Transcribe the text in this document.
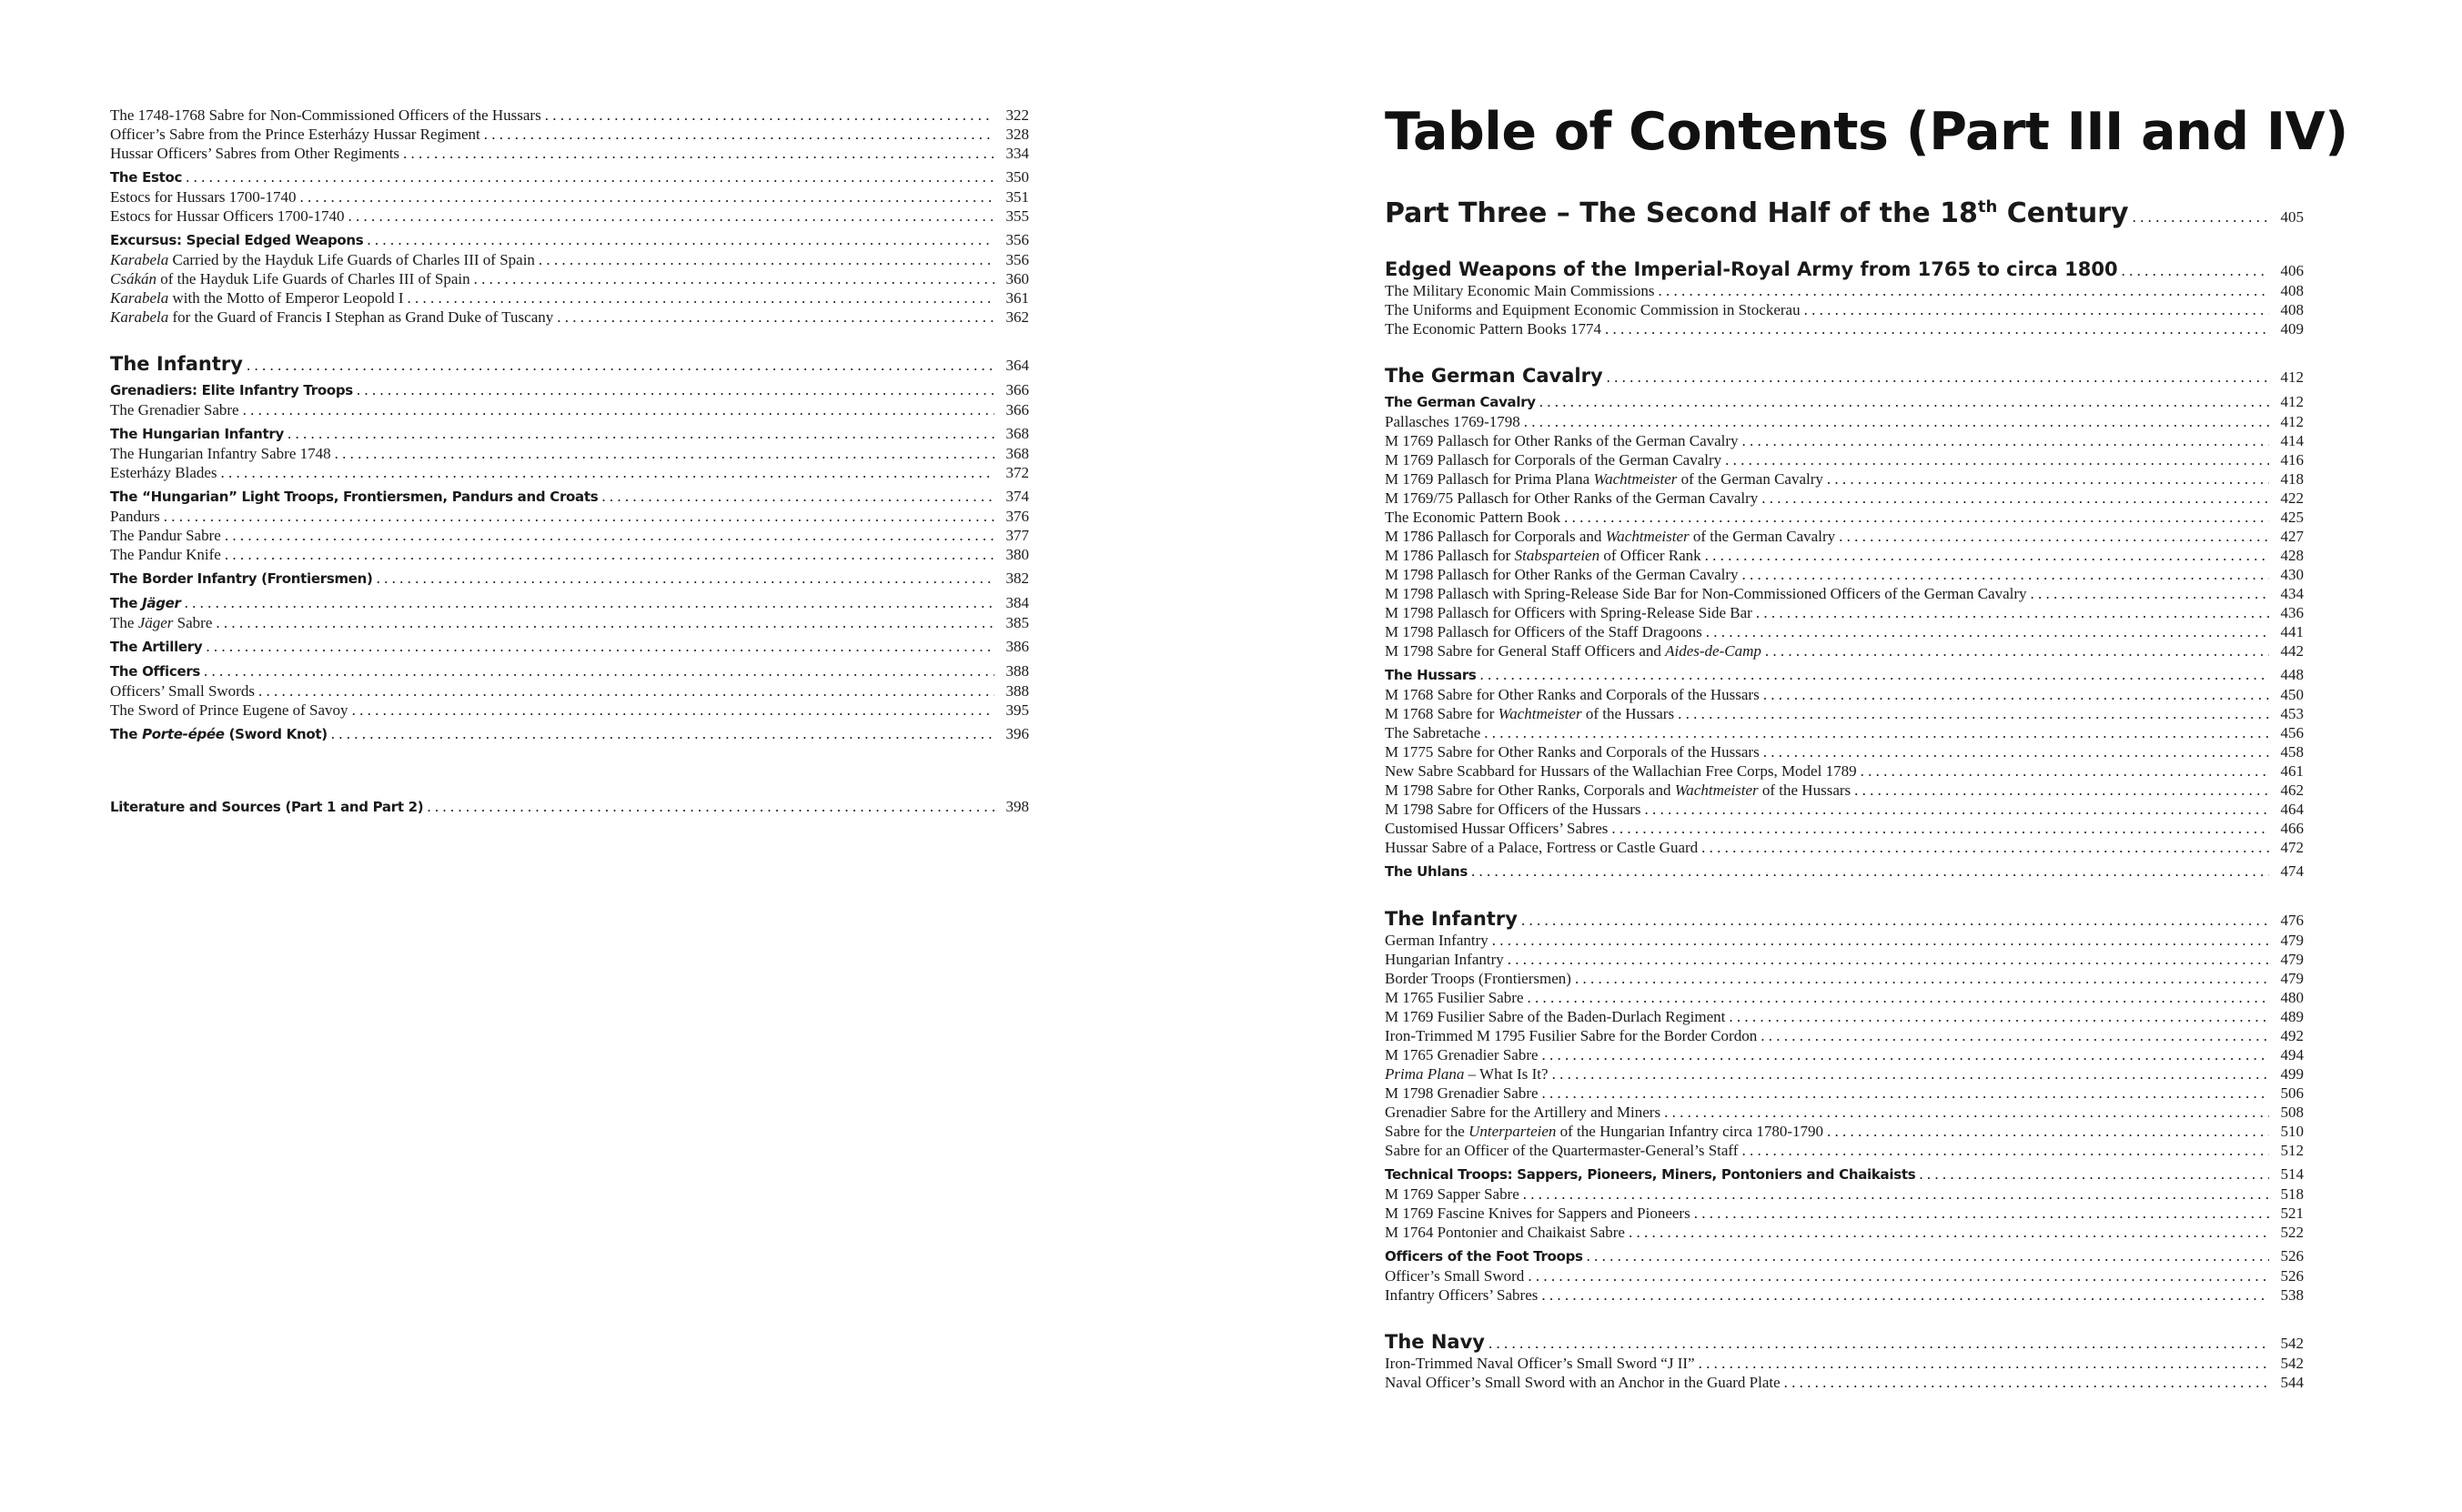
The 1748-1768 Sabre for Non-Commissioned Officers of the Hussars . . .	322
Officer’s Sabre from the Prince Esterházy Hussar Regiment . . .	328
Hussar Officers’ Sabres from Other Regiments . . .	334
The Estoc . . .	350
Estocs for Hussars 1700-1740 . . .	351
Estocs for Hussar Officers 1700-1740 . . .	355
Excursus: Special Edged Weapons . . .	356
Karabela Carried by the Hayduk Life Guards of Charles III of Spain . . .	356
Csákán of the Hayduk Life Guards of Charles III of Spain . . .	360
Karabela with the Motto of Emperor Leopold I . . .	361
Karabela for the Guard of Francis I Stephan as Grand Duke of Tuscany . . .	362
The Infantry . . .	364
Grenadiers: Elite Infantry Troops . . .	366
The Grenadier Sabre . . .	366
The Hungarian Infantry . . .	368
The Hungarian Infantry Sabre 1748 . . .	368
Esterházy Blades . . .	372
The “Hungarian” Light Troops, Frontiersmen, Pandurs and Croats . . .	374
Pandurs . . .	376
The Pandur Sabre . . .	377
The Pandur Knife . . .	380
The Border Infantry (Frontiersmen) . . .	382
The Jäger . . .	384
The Jäger Sabre . . .	385
The Artillery . . .	386
The Officers . . .	388
Officers’ Small Swords . . .	388
The Sword of Prince Eugene of Savoy . . .	395
The Porte-épée (Sword Knot) . . .	396
Literature and Sources (Part 1 and Part 2) . . .	398
Table of Contents (Part III and IV)
Part Three – The Second Half of the 18th Century . . .	405
Edged Weapons of the Imperial-Royal Army from 1765 to circa 1800 . . .	406
The Military Economic Main Commissions . . .	408
The Uniforms and Equipment Economic Commission in Stockerau . . .	408
The Economic Pattern Books 1774 . . .	409
The German Cavalry . . .	412
The German Cavalry . . .	412
Pallasches 1769-1798 . . .	412
M 1769 Pallasch for Other Ranks of the German Cavalry . . .	414
M 1769 Pallasch for Corporals of the German Cavalry . . .	416
M 1769 Pallasch for Prima Plana Wachtmeister of the German Cavalry . . .	418
M 1769/75 Pallasch for Other Ranks of the German Cavalry . . .	422
The Economic Pattern Book . . .	425
M 1786 Pallasch for Corporals and Wachtmeister of the German Cavalry . . .	427
M 1786 Pallasch for Stabsparteien of Officer Rank . . .	428
M 1798 Pallasch for Other Ranks of the German Cavalry . . .	430
M 1798 Pallasch with Spring-Release Side Bar for Non-Commissioned Officers of the German Cavalry . . .	434
M 1798 Pallasch for Officers with Spring-Release Side Bar . . .	436
M 1798 Pallasch for Officers of the Staff Dragoons . . .	441
M 1798 Sabre for General Staff Officers and Aides-de-Camp . . .	442
The Hussars . . .	448
M 1768 Sabre for Other Ranks and Corporals of the Hussars . . .	450
M 1768 Sabre for Wachtmeister of the Hussars . . .	453
The Sabretache . . .	456
M 1775 Sabre for Other Ranks and Corporals of the Hussars . . .	458
New Sabre Scabbard for Hussars of the Wallachian Free Corps, Model 1789 . . .	461
M 1798 Sabre for Other Ranks, Corporals and Wachtmeister of the Hussars . . .	462
M 1798 Sabre for Officers of the Hussars . . .	464
Customised Hussar Officers’ Sabres . . .	466
Hussar Sabre of a Palace, Fortress or Castle Guard . . .	472
The Uhlans . . .	474
The Infantry . . .	476
German Infantry . . .	479
Hungarian Infantry . . .	479
Border Troops (Frontiersmen) . . .	479
M 1765 Fusilier Sabre . . .	480
M 1769 Fusilier Sabre of the Baden-Durlach Regiment . . .	489
Iron-Trimmed M 1795 Fusilier Sabre for the Border Cordon . . .	492
M 1765 Grenadier Sabre . . .	494
Prima Plana – What Is It? . . .	499
M 1798 Grenadier Sabre . . .	506
Grenadier Sabre for the Artillery and Miners . . .	508
Sabre for the Unterparteien of the Hungarian Infantry circa 1780-1790 . . .	510
Sabre for an Officer of the Quartermaster-General’s Staff . . .	512
Technical Troops: Sappers, Pioneers, Miners, Pontoniers and Chaikaists . . .	514
M 1769 Sapper Sabre . . .	518
M 1769 Fascine Knives for Sappers and Pioneers . . .	521
M 1764 Pontonier and Chaikaist Sabre . . .	522
Officers of the Foot Troops . . .	526
Officer’s Small Sword . . .	526
Infantry Officers’ Sabres . . .	538
The Navy . . .	542
Iron-Trimmed Naval Officer’s Small Sword “J II” . . .	542
Naval Officer’s Small Sword with an Anchor in the Guard Plate . . .	544
